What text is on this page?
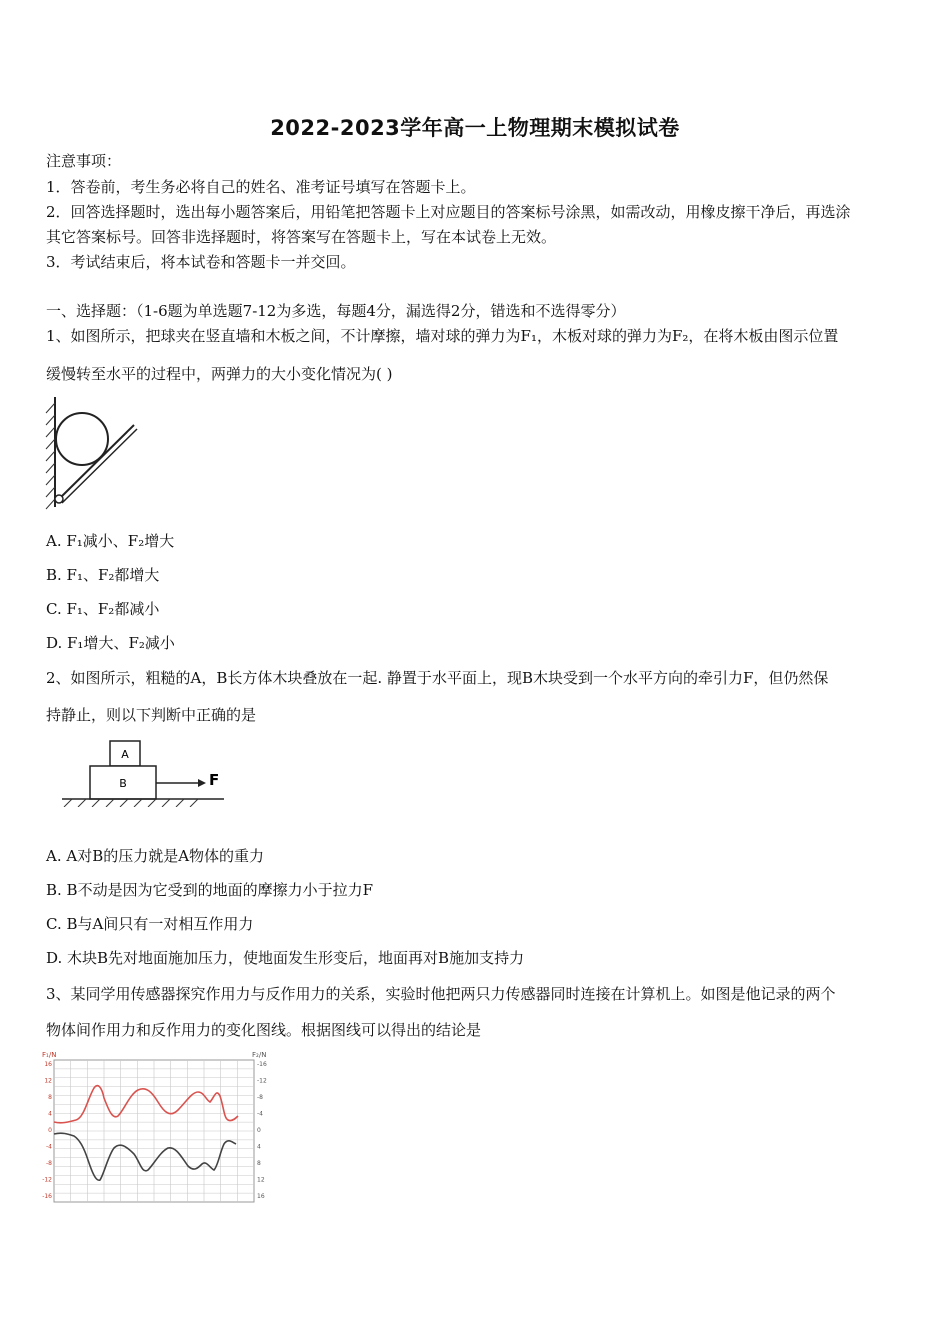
2022-2023学年高一上物理期末模拟试卷
注意事项：
1．答卷前，考生务必将自己的姓名、准考证号填写在答题卡上。
2．回答选择题时，选出每小题答案后，用铅笔把答题卡上对应题目的答案标号涂黑，如需改动，用橡皮擦干净后，再选涂
其它答案标号。回答非选择题时，将答案写在答题卡上，写在本试卷上无效。
3．考试结束后，将本试卷和答题卡一并交回。
一、选择题：（1-6题为单选题7-12为多选，每题4分，漏选得2分，错选和不选得零分）
1、如图所示，把球夹在竖直墙和木板之间，不计摩擦，墙对球的弹力为F₁，木板对球的弹力为F₂，在将木板由图示位置
缓慢转至水平的过程中，两弹力的大小变化情况为( )
A. F₁减小、F₂增大
B. F₁、F₂都增大
C. F₁、F₂都减小
D. F₁增大、F₂减小
2、如图所示，粗糙的A，B长方体木块叠放在一起. 静置于水平面上，现B木块受到一个水平方向的牵引力F，但仍然保
持静止，则以下判断中正确的是
A
B	F
A. A对B的压力就是A物体的重力
B. B不动是因为它受到的地面的摩擦力小于拉力F
C. B与A间只有一对相互作用力
D. 木块B先对地面施加压力，使地面发生形变后，地面再对B施加支持力
3、某同学用传感器探究作用力与反作用力的关系，实验时他把两只力传感器同时连接在计算机上。如图是他记录的两个
物体间作用力和反作用力的变化图线。根据图线可以得出的结论是
F₁/N	F₂/N
16
12
8
4
0
-4
-8
-12
-16
-16
-12
-8
-4
0
4
8
12
16
